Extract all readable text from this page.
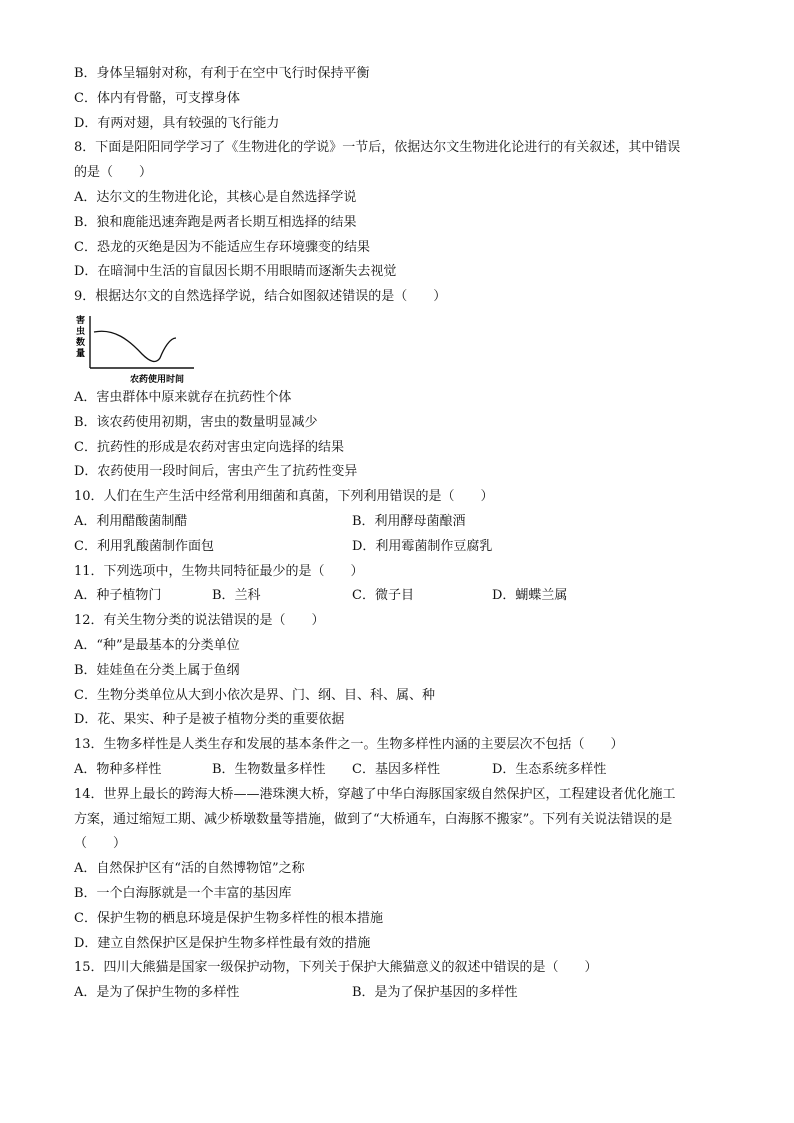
B．身体呈辐射对称，有利于在空中飞行时保持平衡
C．体内有骨骼，可支撑身体
D．有两对翅，具有较强的飞行能力
8．下面是阳阳同学学习了《生物进化的学说》一节后，依据达尔文生物进化论进行的有关叙述，其中错误
的是（　　）
A．达尔文的生物进化论，其核心是自然选择学说
B．狼和鹿能迅速奔跑是两者长期互相选择的结果
C．恐龙的灭绝是因为不能适应生存环境骤变的结果
D．在暗洞中生活的盲鼠因长期不用眼睛而逐渐失去视觉
9．根据达尔文的自然选择学说，结合如图叙述错误的是（　　）
害
虫
数
量
农药使用时间
A．害虫群体中原来就存在抗药性个体
B．该农药使用初期，害虫的数量明显减少
C．抗药性的形成是农药对害虫定向选择的结果
D．农药使用一段时间后，害虫产生了抗药性变异
10．人们在生产生活中经常利用细菌和真菌，下列利用错误的是（　　）
A．利用醋酸菌制醋	B．利用酵母菌酿酒
C．利用乳酸菌制作面包	D．利用霉菌制作豆腐乳
11．下列选项中，生物共同特征最少的是（　　）
A．种子植物门	B．兰科	C．微子目	D．蝴蝶兰属
12．有关生物分类的说法错误的是（　　）
A．“种”是最基本的分类单位
B．娃娃鱼在分类上属于鱼纲
C．生物分类单位从大到小依次是界、门、纲、目、科、属、种
D．花、果实、种子是被子植物分类的重要依据
13．生物多样性是人类生存和发展的基本条件之一。生物多样性内涵的主要层次不包括（　　）
A．物种多样性	B．生物数量多样性	C．基因多样性	D．生态系统多样性
14．世界上最长的跨海大桥——港珠澳大桥，穿越了中华白海豚国家级自然保护区，工程建设者优化施工
方案，通过缩短工期、减少桥墩数量等措施，做到了“大桥通车，白海豚不搬家”。下列有关说法错误的是
（　　）
A．自然保护区有“活的自然博物馆”之称
B．一个白海豚就是一个丰富的基因库
C．保护生物的栖息环境是保护生物多样性的根本措施
D．建立自然保护区是保护生物多样性最有效的措施
15．四川大熊猫是国家一级保护动物，下列关于保护大熊猫意义的叙述中错误的是（　　）
A．是为了保护生物的多样性	B．是为了保护基因的多样性
